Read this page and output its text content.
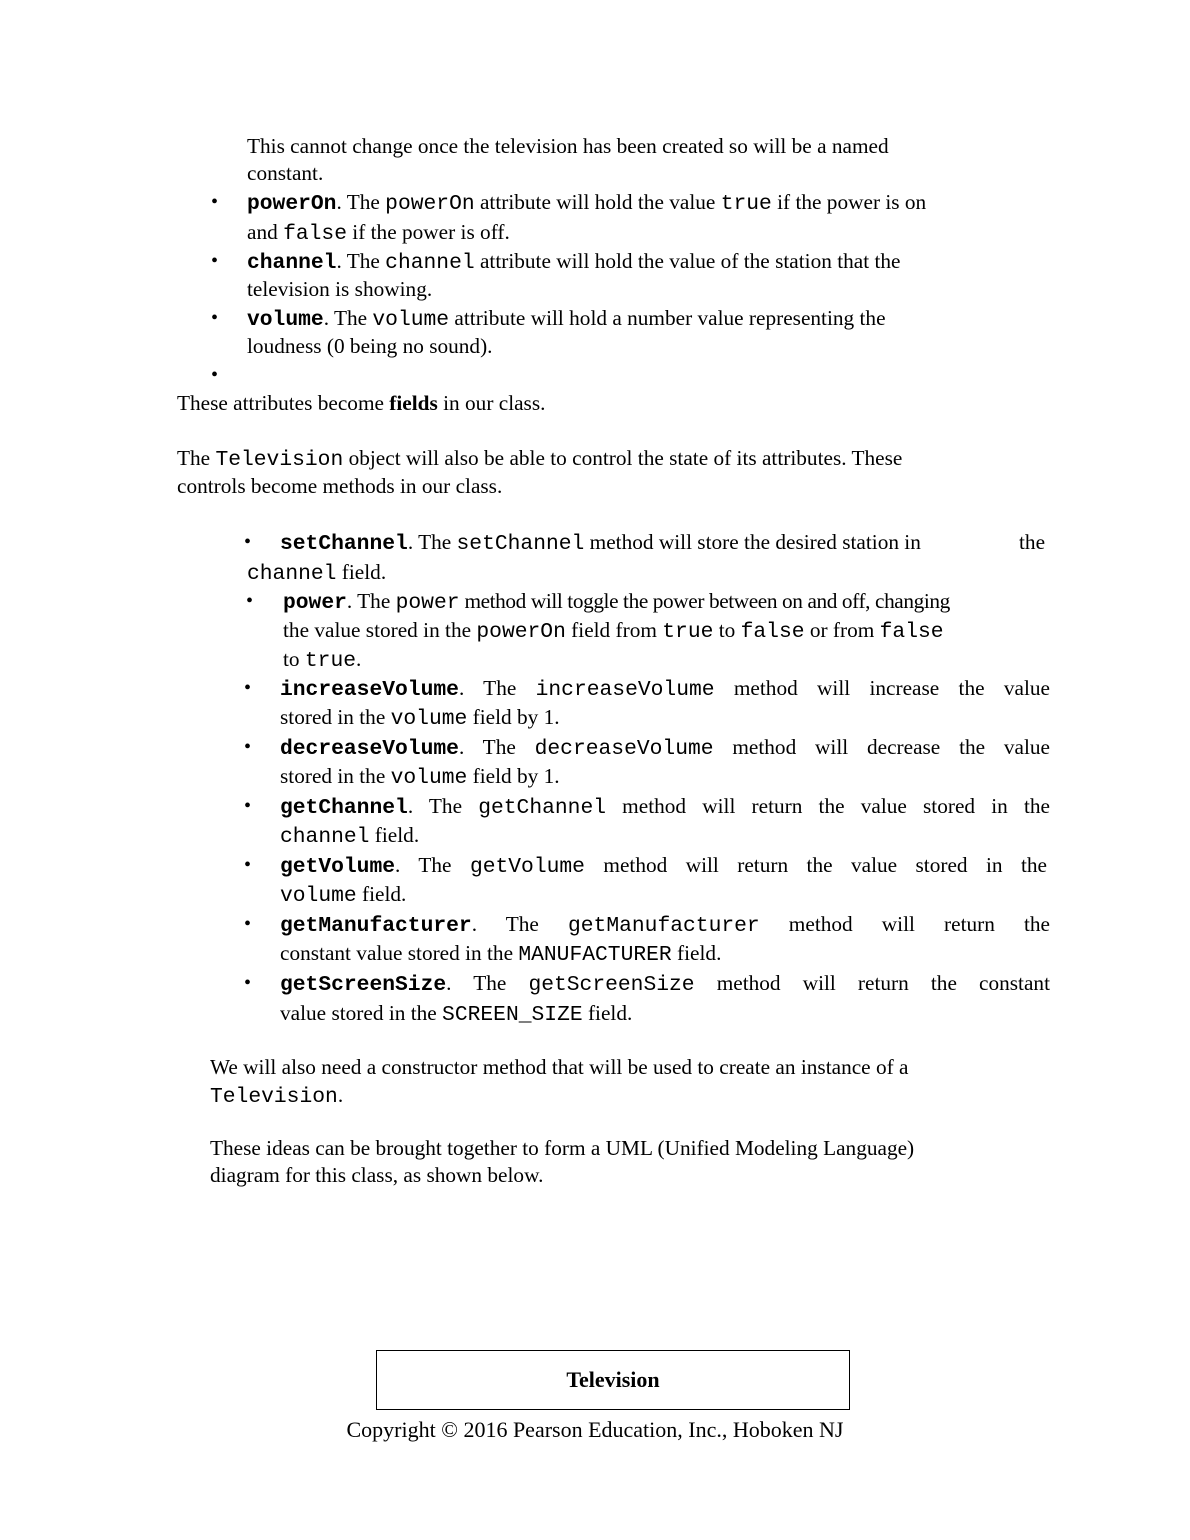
This cannot change once the television has been created so will be a named
constant.
• powerOn. The powerOn attribute will hold the value true if the power is on
and false if the power is off.
• channel. The channel attribute will hold the value of the station that the
television is showing.
• volume. The volume attribute will hold a number value representing the
loudness (0 being no sound).
•
These attributes become fields in our class.
The Television object will also be able to control the state of its attributes. These
controls become methods in our class.
• setChannel. The setChannel method will store the desired station in	the
channel field.
• power. The power method will toggle the power between on and off, changing
the value stored in the powerOn field from true to false or from false
to true.
• increaseVolume. The increaseVolume method will increase the value
stored in the volume field by 1.
• decreaseVolume. The decreaseVolume method will decrease the value
stored in the volume field by 1.
• getChannel. The getChannel method will return the value stored in the
channel field.
• getVolume. The getVolume method will return the value stored in the
volume field.
• getManufacturer. The getManufacturer method will return the
constant value stored in the MANUFACTURER field.
• getScreenSize. The getScreenSize method will return the constant
value stored in the SCREEN_SIZE field.
We will also need a constructor method that will be used to create an instance of a
Television.
These ideas can be brought together to form a UML (Unified Modeling Language)
diagram for this class, as shown below.
Television
Copyright © 2016 Pearson Education, Inc., Hoboken NJ
